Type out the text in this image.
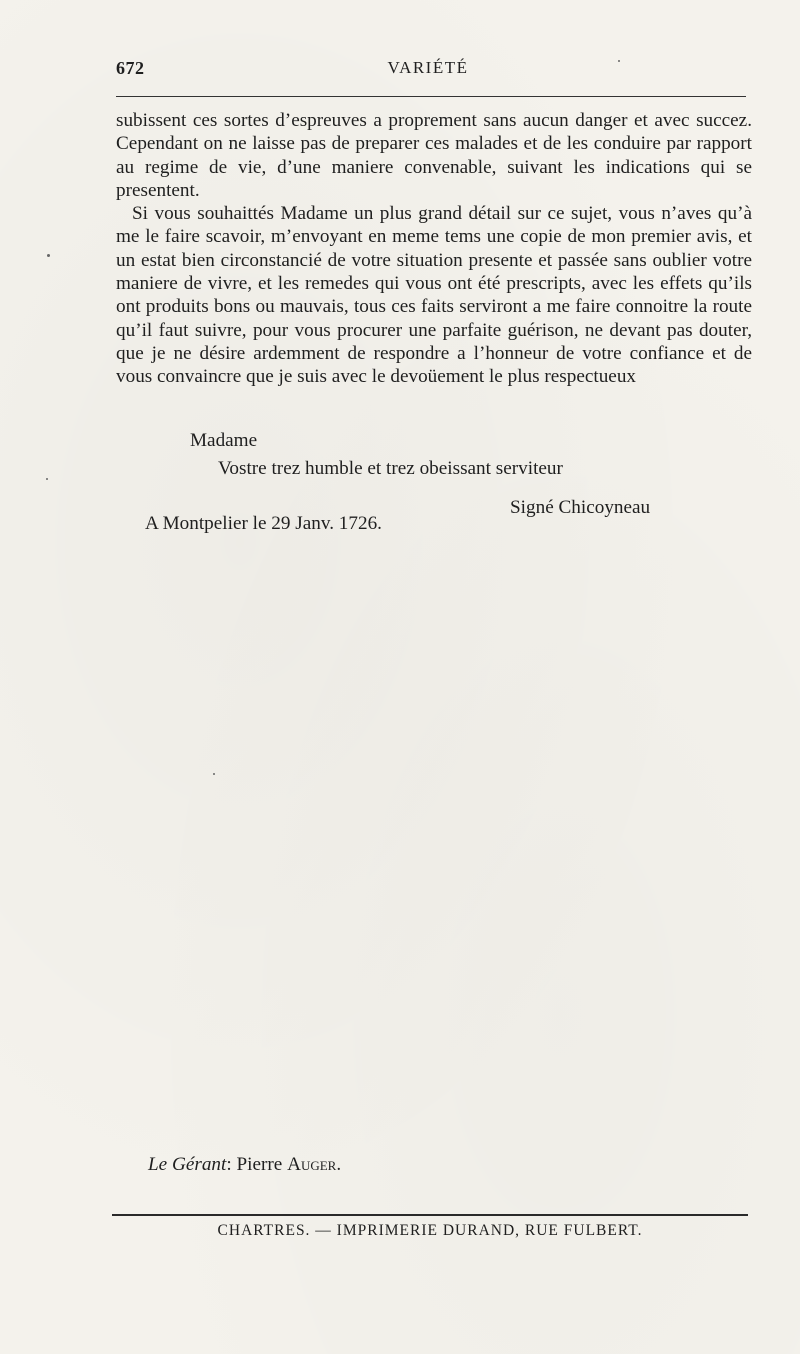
672	VARIÉTÉ

subissent ces sortes d’espreuves a proprement sans aucun danger et avec succez. Cependant on ne laisse pas de preparer ces malades et de les conduire par rapport au regime de vie, d’une maniere convenable, suivant les indications qui se presentent.

Si vous souhaittés Madame un plus grand détail sur ce sujet, vous n’aves qu’à me le faire scavoir, m’envoyant en meme tems une copie de mon premier avis, et un estat bien circonstancié de votre situation presente et passée sans oublier votre maniere de vivre, et les remedes qui vous ont été prescripts, avec les effets qu’ils ont produits bons ou mauvais, tous ces faits serviront a me faire connoitre la route qu’il faut suivre, pour vous procurer une parfaite guérison, ne devant pas douter, que je ne désire ardemment de respondre a l’honneur de votre confiance et de vous convaincre que je suis avec le devoüement le plus respectueux

Madame
Vostre trez humble et trez obeissant serviteur
Signé Chicoyneau
A Montpelier le 29 Janv. 1726.
Le Gérant: Pierre Auger.
CHARTRES. — IMPRIMERIE DURAND, RUE FULBERT.
